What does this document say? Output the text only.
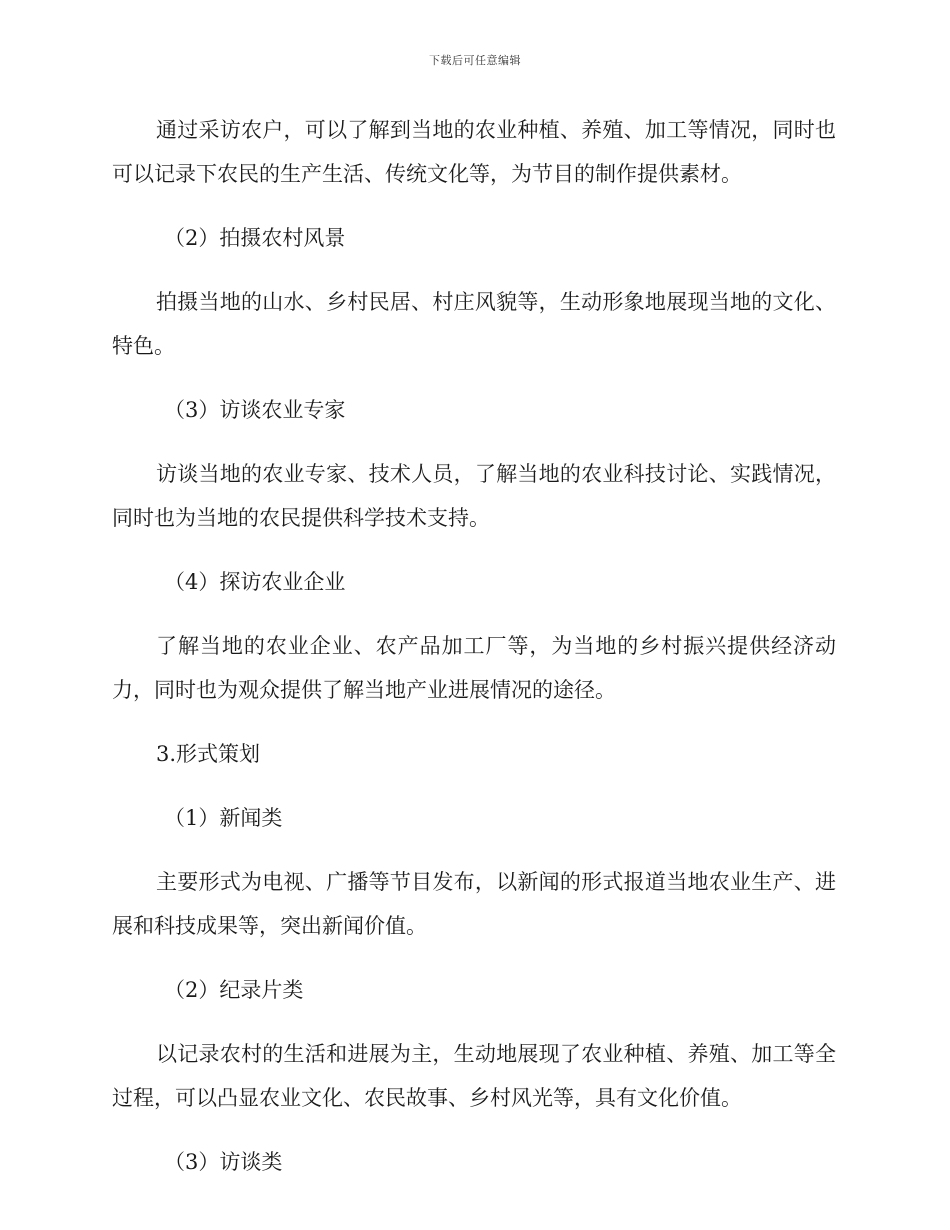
下载后可任意编辑

通过采访农户，可以了解到当地的农业种植、养殖、加工等情况，同时也可以记录下农民的生产生活、传统文化等，为节目的制作提供素材。

（2）拍摄农村风景

拍摄当地的山水、乡村民居、村庄风貌等，生动形象地展现当地的文化、特色。

（3）访谈农业专家

访谈当地的农业专家、技术人员，了解当地的农业科技讨论、实践情况，同时也为当地的农民提供科学技术支持。

（4）探访农业企业

了解当地的农业企业、农产品加工厂等，为当地的乡村振兴提供经济动力，同时也为观众提供了解当地产业进展情况的途径。

3.形式策划

（1）新闻类

主要形式为电视、广播等节目发布，以新闻的形式报道当地农业生产、进展和科技成果等，突出新闻价值。

（2）纪录片类

以记录农村的生活和进展为主，生动地展现了农业种植、养殖、加工等全过程，可以凸显农业文化、农民故事、乡村风光等，具有文化价值。

（3）访谈类
